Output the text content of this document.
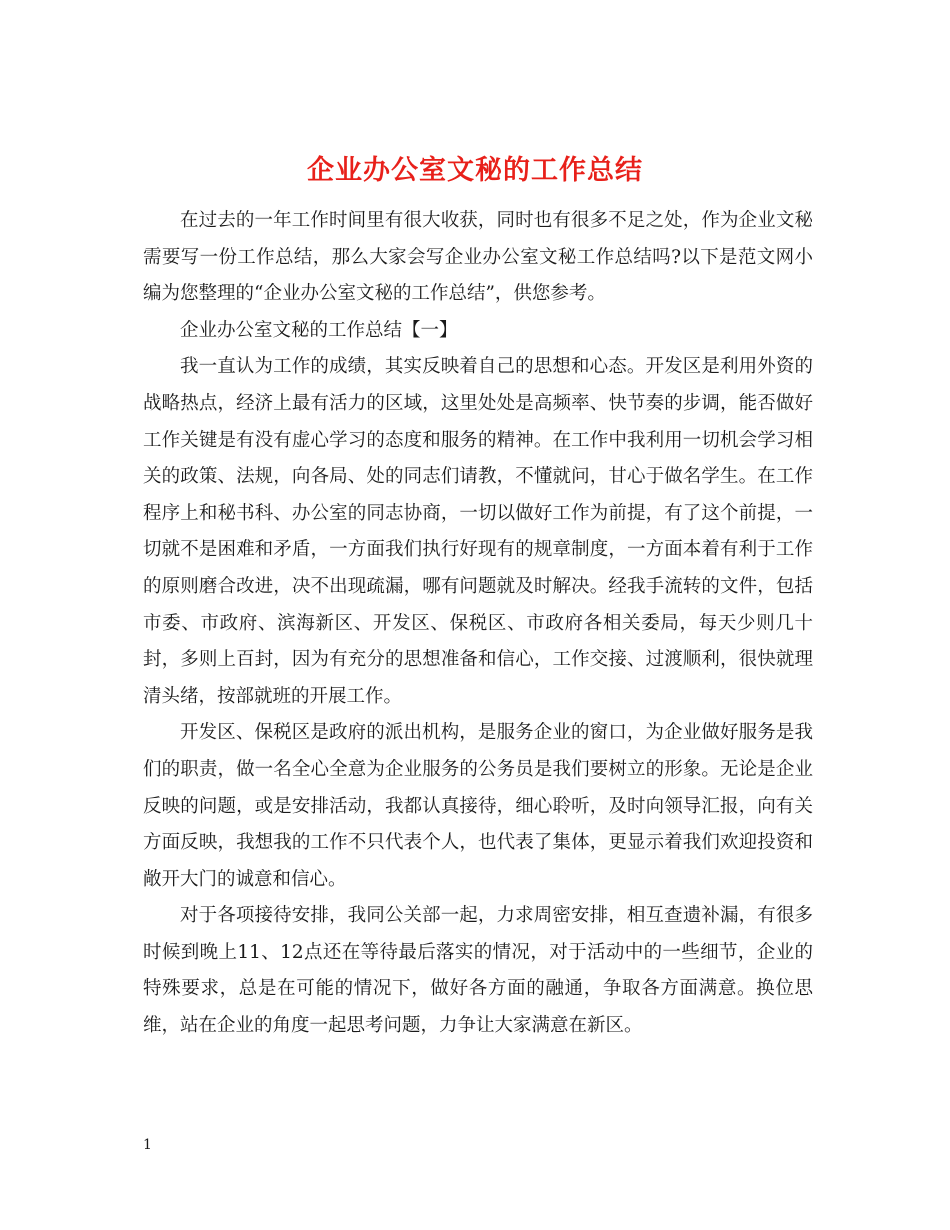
企业办公室文秘的工作总结

在过去的一年工作时间里有很大收获，同时也有很多不足之处，作为企业文秘需要写一份工作总结，那么大家会写企业办公室文秘工作总结吗?以下是范文网小编为您整理的“企业办公室文秘的工作总结”，供您参考。

企业办公室文秘的工作总结【一】

我一直认为工作的成绩，其实反映着自己的思想和心态。开发区是利用外资的战略热点，经济上最有活力的区域，这里处处是高频率、快节奏的步调，能否做好工作关键是有没有虚心学习的态度和服务的精神。在工作中我利用一切机会学习相关的政策、法规，向各局、处的同志们请教，不懂就问，甘心于做名学生。在工作程序上和秘书科、办公室的同志协商，一切以做好工作为前提，有了这个前提，一切就不是困难和矛盾，一方面我们执行好现有的规章制度，一方面本着有利于工作的原则磨合改进，决不出现疏漏，哪有问题就及时解决。经我手流转的文件，包括市委、市政府、滨海新区、开发区、保税区、市政府各相关委局，每天少则几十封，多则上百封，因为有充分的思想准备和信心，工作交接、过渡顺利，很快就理清头绪，按部就班的开展工作。

开发区、保税区是政府的派出机构，是服务企业的窗口，为企业做好服务是我们的职责，做一名全心全意为企业服务的公务员是我们要树立的形象。无论是企业反映的问题，或是安排活动，我都认真接待，细心聆听，及时向领导汇报，向有关方面反映，我想我的工作不只代表个人，也代表了集体，更显示着我们欢迎投资和敞开大门的诚意和信心。

对于各项接待安排，我同公关部一起，力求周密安排，相互查遗补漏，有很多时候到晚上11、12点还在等待最后落实的情况，对于活动中的一些细节，企业的特殊要求，总是在可能的情况下，做好各方面的融通，争取各方面满意。换位思维，站在企业的角度一起思考问题，力争让大家满意在新区。

1
